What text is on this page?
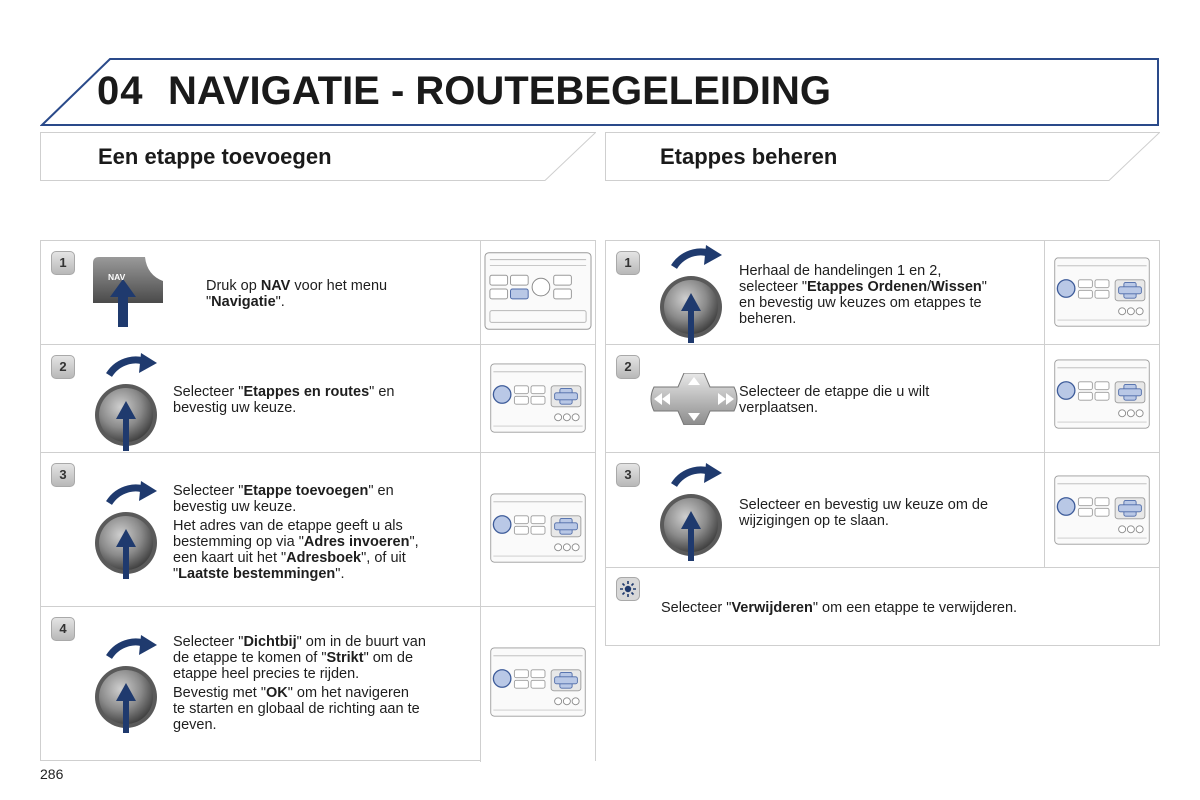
04 NAVIGATIE - ROUTEBEGELEIDING
Een etappe toevoegen	Etappes beheren
1
NAV
Druk op NAV voor het menu
"Navigatie".
2
Selecteer "Etappes en routes" en
bevestig uw keuze.
3

Selecteer "Etappe toevoegen" en
bevestig uw keuze.

Het adres van de etappe geeft u als
bestemming op via "Adres invoeren",
een kaart uit het "Adresboek", of uit
"Laatste bestemmingen".

4

Selecteer "Dichtbij" om in de buurt van
de etappe te komen of "Strikt" om de
etappe heel precies te rijden.

Bevestig met "OK" om het navigeren
te starten en globaal de richting aan te
geven.

1
Herhaal de handelingen 1 en 2,
selecteer "Etappes Ordenen/Wissen"
en bevestig uw keuzes om etappes te
beheren.
2
Selecteer de etappe die u wilt
verplaatsen.
3
Selecteer en bevestig uw keuze om de
wijzigingen op te slaan.
Selecteer "Verwijderen" om een etappe te verwijderen.
286
